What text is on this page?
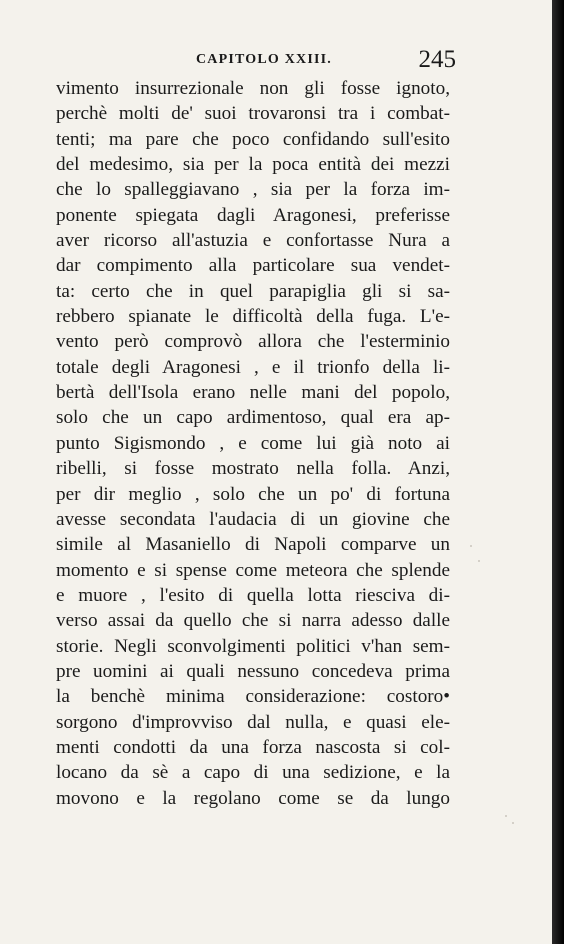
CAPITOLO XXIII.	245
vimento insurrezionale non gli fosse ignoto,
perchè molti de' suoi trovaronsi tra i combat-
tenti; ma pare che poco confidando sull'esito
del medesimo, sia per la poca entità dei mezzi
che lo spalleggiavano , sia per la forza im-
ponente spiegata dagli Aragonesi, preferisse
aver ricorso all'astuzia e confortasse Nura a
dar compimento alla particolare sua vendet-
ta: certo che in quel parapiglia gli si sa-
rebbero spianate le difficoltà della fuga. L'e-
vento però comprovò allora che l'esterminio
totale degli Aragonesi , e il trionfo della li-
bertà dell'Isola erano nelle mani del popolo,
solo che un capo ardimentoso, qual era ap-
punto Sigismondo , e come lui già noto ai
ribelli, si fosse mostrato nella folla. Anzi,
per dir meglio , solo che un po' di fortuna
avesse secondata l'audacia di un giovine che
simile al Masaniello di Napoli comparve un
momento e si spense come meteora che splende
e muore , l'esito di quella lotta riesciva di-
verso assai da quello che si narra adesso dalle
storie. Negli sconvolgimenti politici v'han sem-
pre uomini ai quali nessuno concedeva prima
la benchè minima considerazione: costoro•
sorgono d'improvviso dal nulla, e quasi ele-
menti condotti da una forza nascosta si col-
locano da sè a capo di una sedizione, e la
movono e la regolano come se da lungo
